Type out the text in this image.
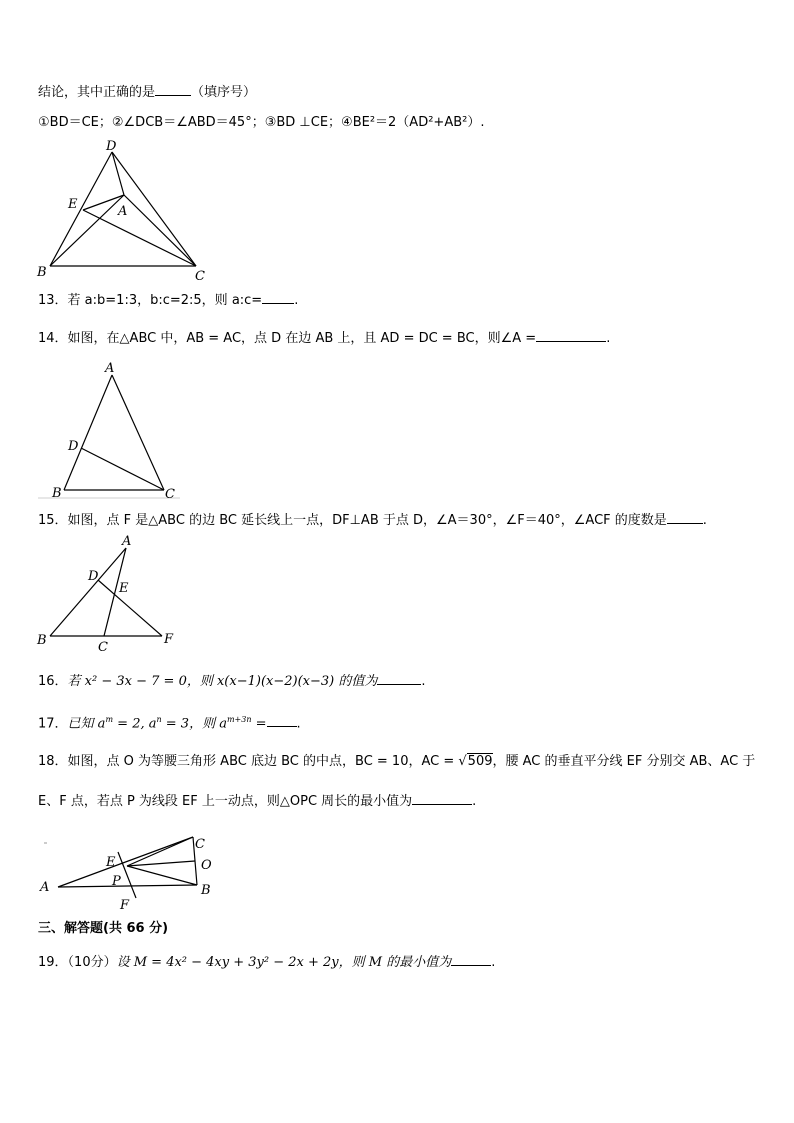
结论，其中正确的是	（填序号）
①BD＝CE；②∠DCB＝∠ABD＝45°；③BD ⊥CE；④BE²＝2（AD²+AB²）.
D
E	A
B	C
13．若 a:b=1:3，b:c=2:5，则 a:c= .
14．如图，在△ABC 中，AB = AC，点 D 在边 AB 上，且 AD = DC = BC，则∠A =	.
A
D
B	C
15．如图，点 F 是△ABC 的边 BC 延长线上一点，DF⊥AB 于点 D，∠A＝30°，∠F＝40°，∠ACF 的度数是	.
A
D
E
B	C
F
16．若 x² − 3x − 7 = 0，则 x(x−1)(x−2)(x−3) 的值为	.
17．已知 $a^m = 2$, $a^n = 3$，则 $a^{m+3n}$ = .
18．如图，点 O 为等腰三角形 ABC 底边 BC 的中点，BC = 10，AC = √509，腰 AC 的垂直平分线 EF 分别交 AB、AC 于
E、F 点，若点 P 为线段 EF 上一动点，则△OPC 周长的最小值为	.
C
E	O
P
A	B
F
三、解答题(共 66 分)
19．（10分）设 M = 4x² − 4xy + 3y² − 2x + 2y，则 M 的最小值为	.
